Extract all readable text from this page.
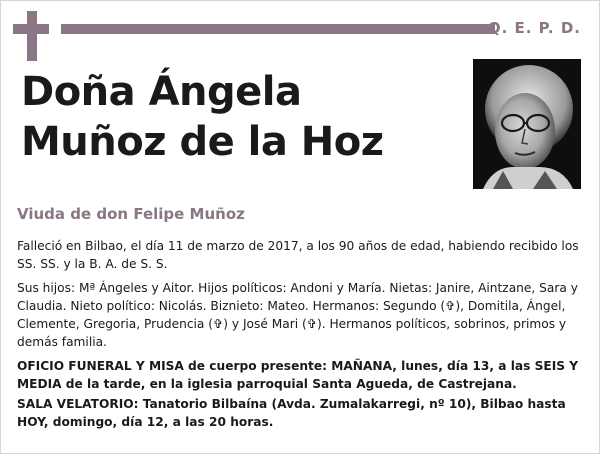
Q. E. P. D.
Doña Ángela
Muñoz de la Hoz
Viuda de don Felipe Muñoz

Falleció en Bilbao, el día 11 de marzo de 2017, a los 90 años de edad, habiendo recibido los SS. SS. y la B. A. de S. S.

Sus hijos: Mª Ángeles y Aitor. Hijos políticos: Andoni y María. Nietas: Janire, Aintzane, Sara y Claudia. Nieto político: Nicolás. Biznieto: Mateo. Hermanos: Segundo (✞), Domitila, Ángel, Clemente, Gregoria, Prudencia (✞) y José Mari (✞). Hermanos políticos, sobrinos, primos y demás familia.

OFICIO FUNERAL Y MISA de cuerpo presente: MAÑANA, lunes, día 13, a las SEIS Y MEDIA de la tarde, en la iglesia parroquial Santa Agueda, de Castrejana.

SALA VELATORIO: Tanatorio Bilbaína (Avda. Zumalakarregi, nº 10), Bilbao hasta HOY, domingo, día 12, a las 20 horas.
